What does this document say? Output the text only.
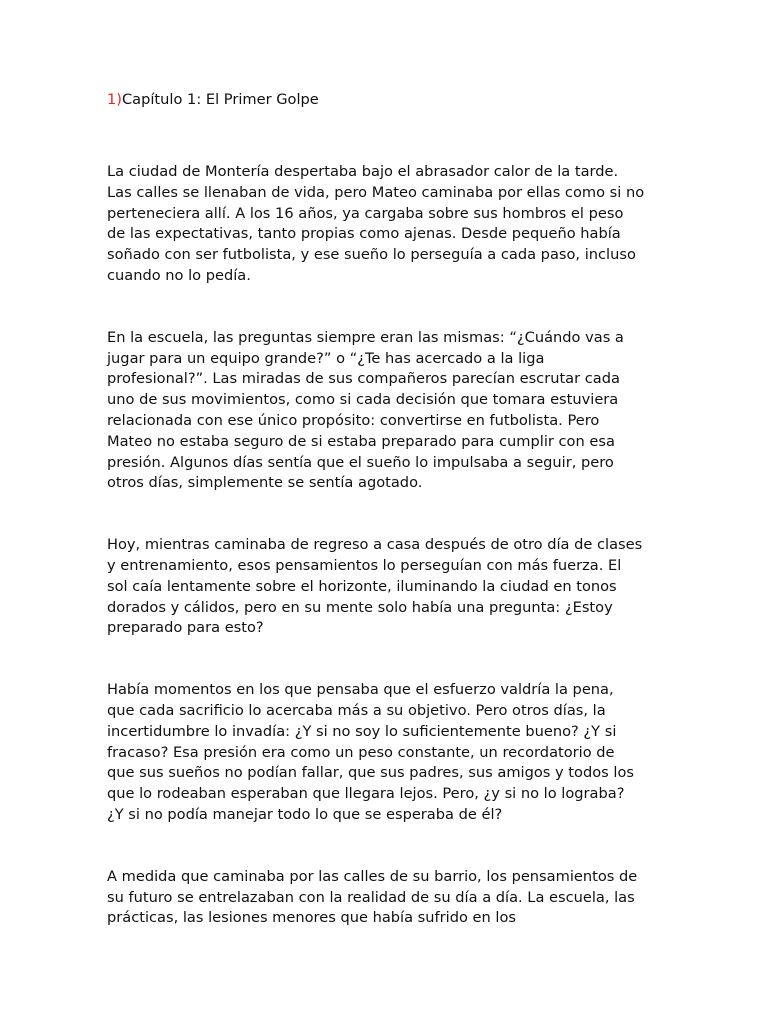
1)Capítulo 1: El Primer Golpe

La ciudad de Montería despertaba bajo el abrasador calor de la tarde.
Las calles se llenaban de vida, pero Mateo caminaba por ellas como si no
perteneciera allí. A los 16 años, ya cargaba sobre sus hombros el peso
de las expectativas, tanto propias como ajenas. Desde pequeño había
soñado con ser futbolista, y ese sueño lo perseguía a cada paso, incluso
cuando no lo pedía.

En la escuela, las preguntas siempre eran las mismas: “¿Cuándo vas a
jugar para un equipo grande?” o “¿Te has acercado a la liga
profesional?”. Las miradas de sus compañeros parecían escrutar cada
uno de sus movimientos, como si cada decisión que tomara estuviera
relacionada con ese único propósito: convertirse en futbolista. Pero
Mateo no estaba seguro de si estaba preparado para cumplir con esa
presión. Algunos días sentía que el sueño lo impulsaba a seguir, pero
otros días, simplemente se sentía agotado.

Hoy, mientras caminaba de regreso a casa después de otro día de clases
y entrenamiento, esos pensamientos lo perseguían con más fuerza. El
sol caía lentamente sobre el horizonte, iluminando la ciudad en tonos
dorados y cálidos, pero en su mente solo había una pregunta: ¿Estoy
preparado para esto?

Había momentos en los que pensaba que el esfuerzo valdría la pena,
que cada sacrificio lo acercaba más a su objetivo. Pero otros días, la
incertidumbre lo invadía: ¿Y si no soy lo suficientemente bueno? ¿Y si
fracaso? Esa presión era como un peso constante, un recordatorio de
que sus sueños no podían fallar, que sus padres, sus amigos y todos los
que lo rodeaban esperaban que llegara lejos. Pero, ¿y si no lo lograba?
¿Y si no podía manejar todo lo que se esperaba de él?

A medida que caminaba por las calles de su barrio, los pensamientos de
su futuro se entrelazaban con la realidad de su día a día. La escuela, las
prácticas, las lesiones menores que había sufrido en los
